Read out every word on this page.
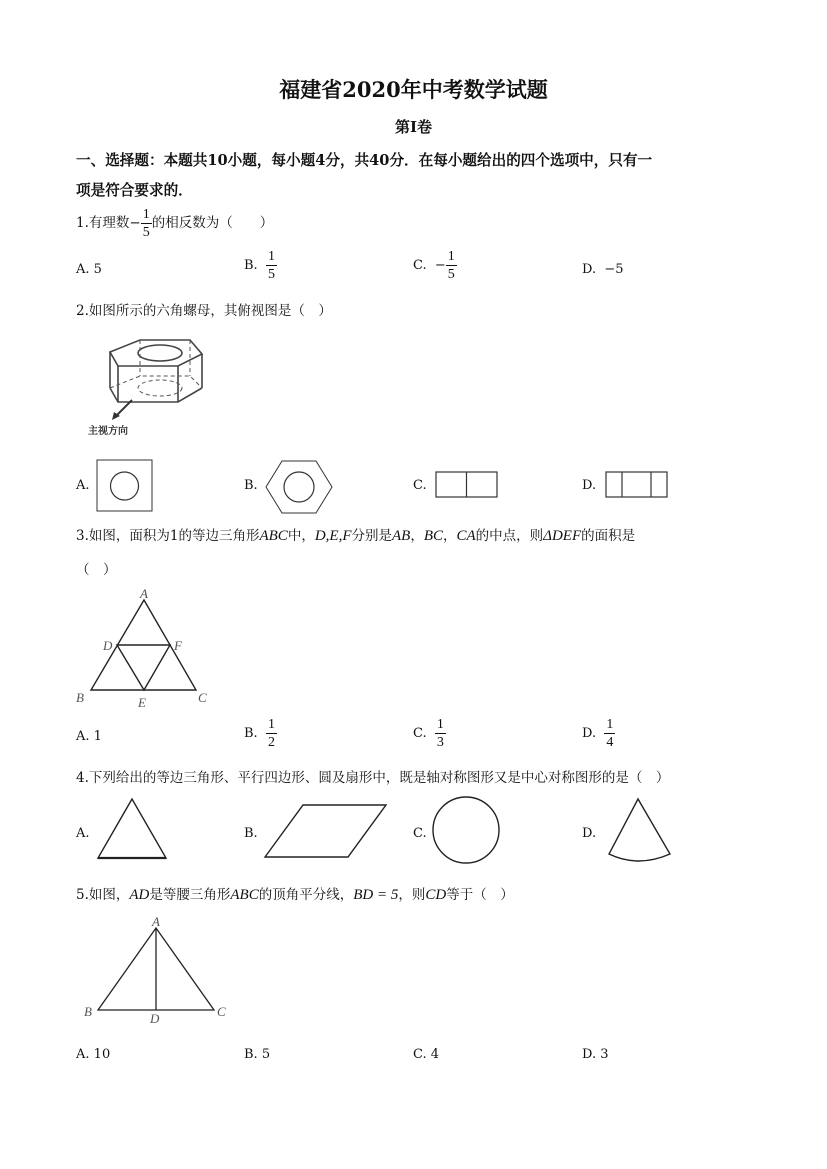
福建省2020年中考数学试题
第Ⅰ卷
一、选择题：本题共10小题，每小题4分，共40分．在每小题给出的四个选项中，只有一
项是符合要求的．
1.有理数− $\frac{1}{5}$ 的相反数为（　　）
A. 5	B. $\frac{1}{5}$	C. − $\frac{1}{5}$	D. −5
2.如图所示的六角螺母，其俯视图是（　）
主视方向
A.	B.	C.	D.
3.如图，面积为1的等边三角形ABC中，D,E,F分别是AB，BC，CA的中点，则ΔDEF的面积是
（　）
A
D	F
B	E	C
A. 1	B. $\frac{1}{2}$	C. $\frac{1}{3}$	D. $\frac{1}{4}$
4.下列给出的等边三角形、平行四边形、圆及扇形中，既是轴对称图形又是中心对称图形的是（　）
A.	B.	C.	D.
5.如图，AD是等腰三角形ABC的顶角平分线，BD = 5，则CD等于（　）
A
B	D	C
A. 10	B. 5	C. 4	D. 3
